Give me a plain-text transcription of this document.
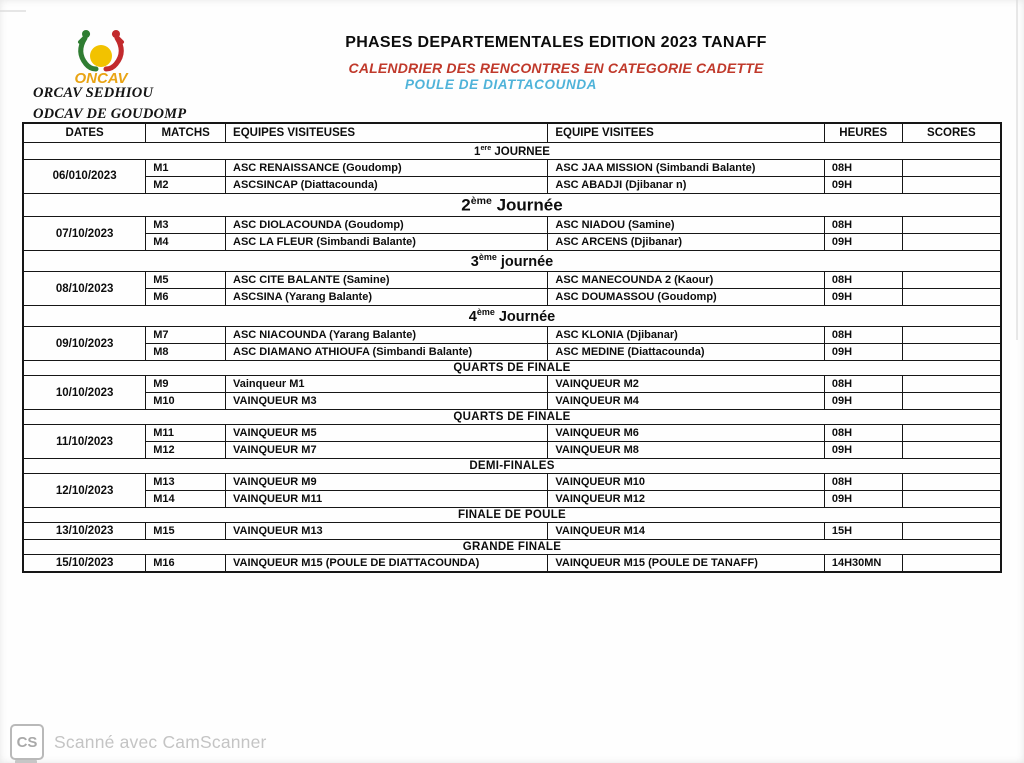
ONCAV
ORCAV SEDHIOU
ODCAV DE GOUDOMP
PHASES DEPARTEMENTALES EDITION 2023 TANAFF
CALENDRIER DES RENCONTRES EN CATEGORIE CADETTE
POULE DE DIATTACOUNDA
DATES	MATCHS	EQUIPES VISITEUSES	EQUIPE VISITEES	HEURES	SCORES
1ere JOURNEE					
06/010/2023	M1	ASC RENAISSANCE (Goudomp)	ASC JAA MISSION (Simbandi Balante)	08H	
	M2	ASCSINCAP (Diattacounda)	ASC ABADJI (Djibanar n)	09H	
2ème Journée					
07/10/2023	M3	ASC DIOLACOUNDA (Goudomp)	ASC NIADOU (Samine)	08H	
	M4	ASC LA FLEUR (Simbandi Balante)	ASC ARCENS (Djibanar)	09H	
3ème journée					
08/10/2023	M5	ASC CITE BALANTE (Samine)	ASC MANECOUNDA 2 (Kaour)	08H	
	M6	ASCSINA (Yarang Balante)	ASC DOUMASSOU (Goudomp)	09H	
4ème Journée					
09/10/2023	M7	ASC NIACOUNDA (Yarang Balante)	ASC KLONIA (Djibanar)	08H	
	M8	ASC DIAMANO ATHIOUFA (Simbandi Balante)	ASC MEDINE (Diattacounda)	09H	
QUARTS DE FINALE					
10/10/2023	M9	Vainqueur M1	VAINQUEUR M2	08H	
	M10	VAINQUEUR M3	VAINQUEUR M4	09H	
QUARTS DE FINALE					
11/10/2023	M11	VAINQUEUR M5	VAINQUEUR M6	08H	
	M12	VAINQUEUR M7	VAINQUEUR M8	09H	
DEMI-FINALES					
12/10/2023	M13	VAINQUEUR M9	VAINQUEUR M10	08H	
	M14	VAINQUEUR M11	VAINQUEUR M12	09H	
FINALE DE POULE					
13/10/2023	M15	VAINQUEUR M13	VAINQUEUR M14	15H	
GRANDE FINALE					
15/10/2023	M16	VAINQUEUR M15 (POULE DE DIATTACOUNDA)	VAINQUEUR M15 (POULE DE TANAFF)	14H30MN	
CS Scanné avec CamScanner
